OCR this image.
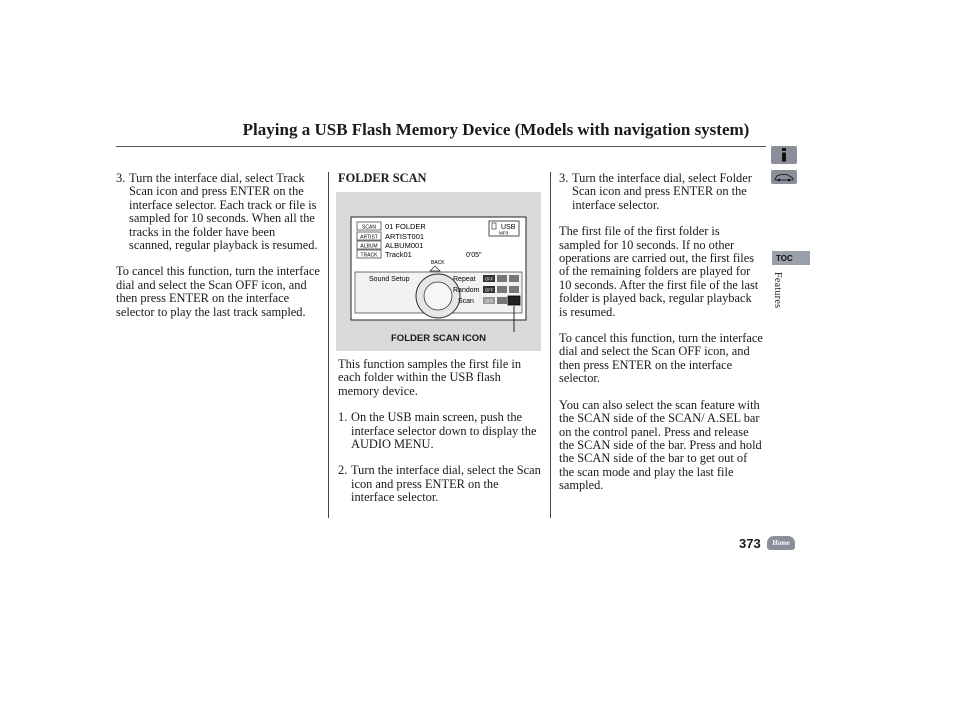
Playing a USB Flash Memory Device (Models with navigation system)
3. Turn the interface dial, select Track Scan icon and press ENTER on the interface selector. Each track or file is sampled for 10 seconds. When all the tracks in the folder have been scanned, regular playback is resumed.

To cancel this function, turn the interface dial and select the Scan OFF icon, and then press ENTER on the interface selector to play the last track sampled.

FOLDER SCAN
SCAN
ARTIST
ALBUM
TRACK
01 FOLDER
ARTIST001
ALBUM001
Track01	0'05"
USB
MP3
BACK
Sound Setup	Repeat
Random
Scan
OFF
OFF
OFF
FOLDER SCAN ICON

This function samples the first file in each folder within the USB flash memory device.

1. On the USB main screen, push the interface selector down to display the AUDIO MENU.
2. Turn the interface dial, select the Scan icon and press ENTER on the interface selector.
3. Turn the interface dial, select Folder Scan icon and press ENTER on the interface selector.

The first file of the first folder is sampled for 10 seconds. If no other operations are carried out, the first files of the remaining folders are played for 10 seconds. After the first file of the last folder is played back, regular playback is resumed.

To cancel this function, turn the interface dial and select the Scan OFF icon, and then press ENTER on the interface selector.

You can also select the scan feature with the SCAN side of the SCAN/ A.SEL bar on the control panel. Press and release the SCAN side of the bar. Press and hold the SCAN side of the bar to get out of the scan mode and play the last file sampled.

TOC
Features
373	Home
